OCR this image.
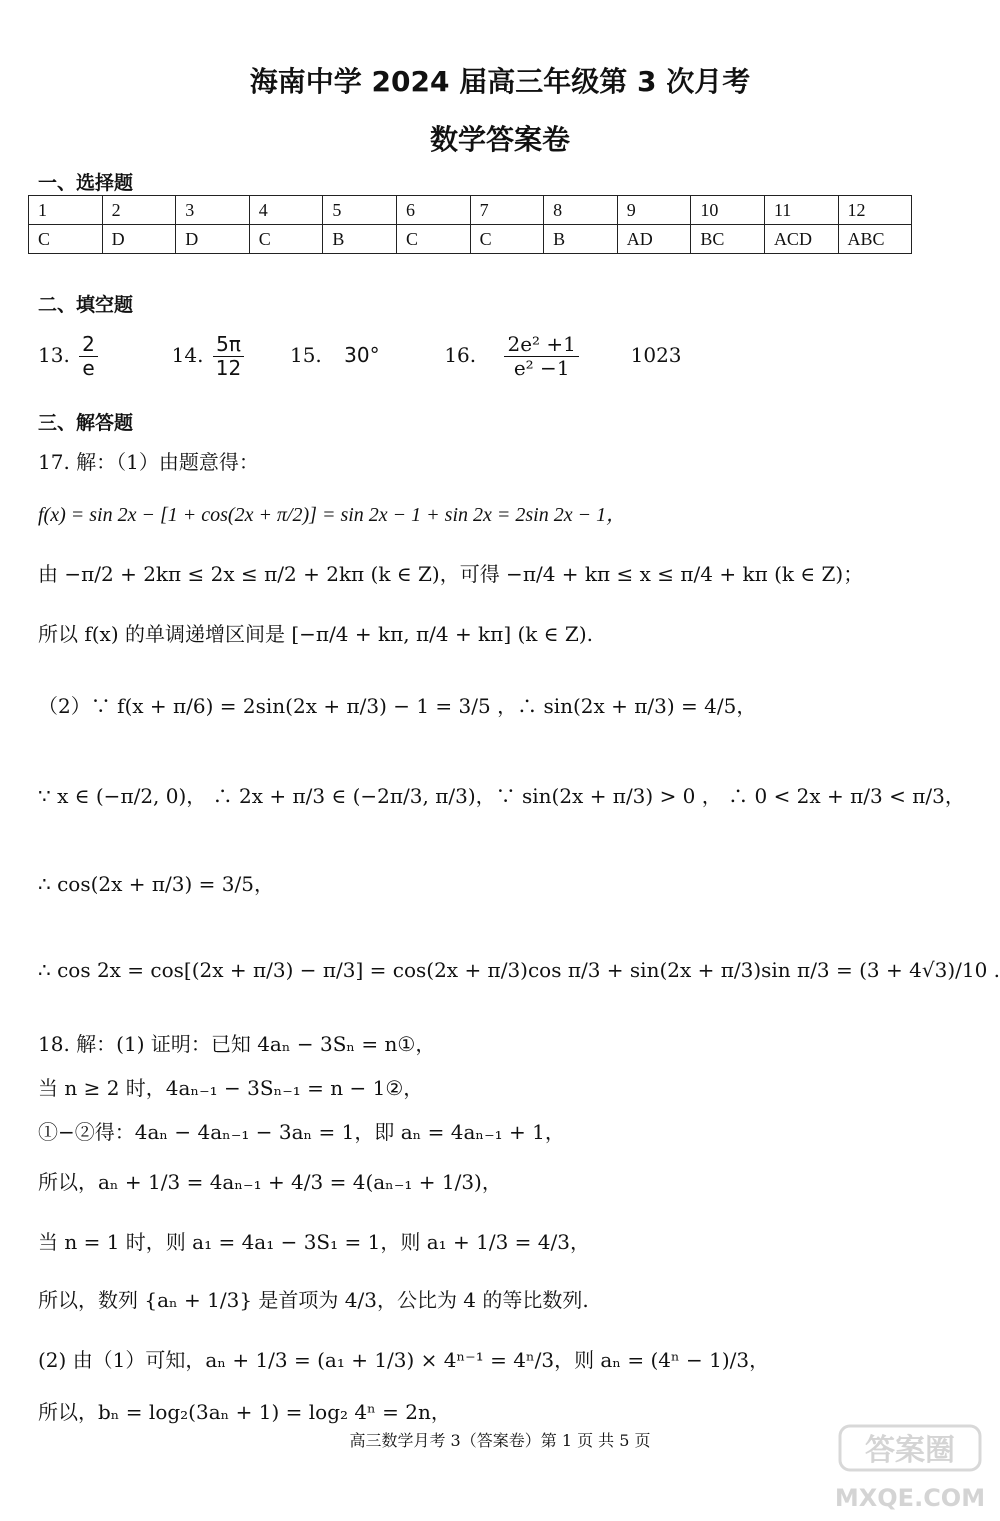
海南中学 2024 届高三年级第 3 次月考
数学答案卷
一、选择题
1	2	3	4	5	6	7	8	9	10	11	12
C	D	D	C	B	C	C	B	AD	BC	ACD	ABC
二、填空题
13. $\frac{2}{e}$	14. $\frac{5\pi}{12} 15$. 30°	16. $\frac{\text{2e² +1}}{\text{e² −1}}$	1023
三、解答题
17. 解：（1）由题意得：
f(x) = sin 2x − [1 + cos(2x + π/2)] = sin 2x − 1 + sin 2x = 2sin 2x − 1，
由 −π/2 + 2kπ ≤ 2x ≤ π/2 + 2kπ (k ∈ Z)，可得 −π/4 + kπ ≤ x ≤ π/4 + kπ (k ∈ Z)；
所以 f(x) 的单调递增区间是 [−π/4 + kπ, π/4 + kπ] (k ∈ Z).
（2）∵ f(x + π/6) = 2sin(2x + π/3) − 1 = 3/5 ，∴ sin(2x + π/3) = 4/5，
∵ x ∈ (−π/2, 0)， ∴ 2x + π/3 ∈ (−2π/3, π/3)，∵ sin(2x + π/3) > 0 ， ∴ 0 < 2x + π/3 < π/3，
∴ cos(2x + π/3) = 3/5，
∴ cos 2x = cos[(2x + π/3) − π/3] = cos(2x + π/3)cos π/3 + sin(2x + π/3)sin π/3 = (3 + 4√3)/10 .
18. 解：(1) 证明：已知 4aₙ − 3Sₙ = n①，
当 n ≥ 2 时，4aₙ₋₁ − 3Sₙ₋₁ = n − 1②，
①−②得：4aₙ − 4aₙ₋₁ − 3aₙ = 1，即 aₙ = 4aₙ₋₁ + 1，
所以，aₙ + 1/3 = 4aₙ₋₁ + 4/3 = 4(aₙ₋₁ + 1/3)，
当 n = 1 时，则 a₁ = 4a₁ − 3S₁ = 1，则 a₁ + 1/3 = 4/3，
所以，数列 {aₙ + 1/3} 是首项为 4/3，公比为 4 的等比数列.
(2) 由（1）可知，aₙ + 1/3 = (a₁ + 1/3) × 4ⁿ⁻¹ = 4ⁿ/3，则 aₙ = (4ⁿ − 1)/3，
所以，bₙ = log₂(3aₙ + 1) = log₂ 4ⁿ = 2n，
高三数学月考 3（答案卷）第 1 页 共 5 页	答案圈
MXQE.COM
